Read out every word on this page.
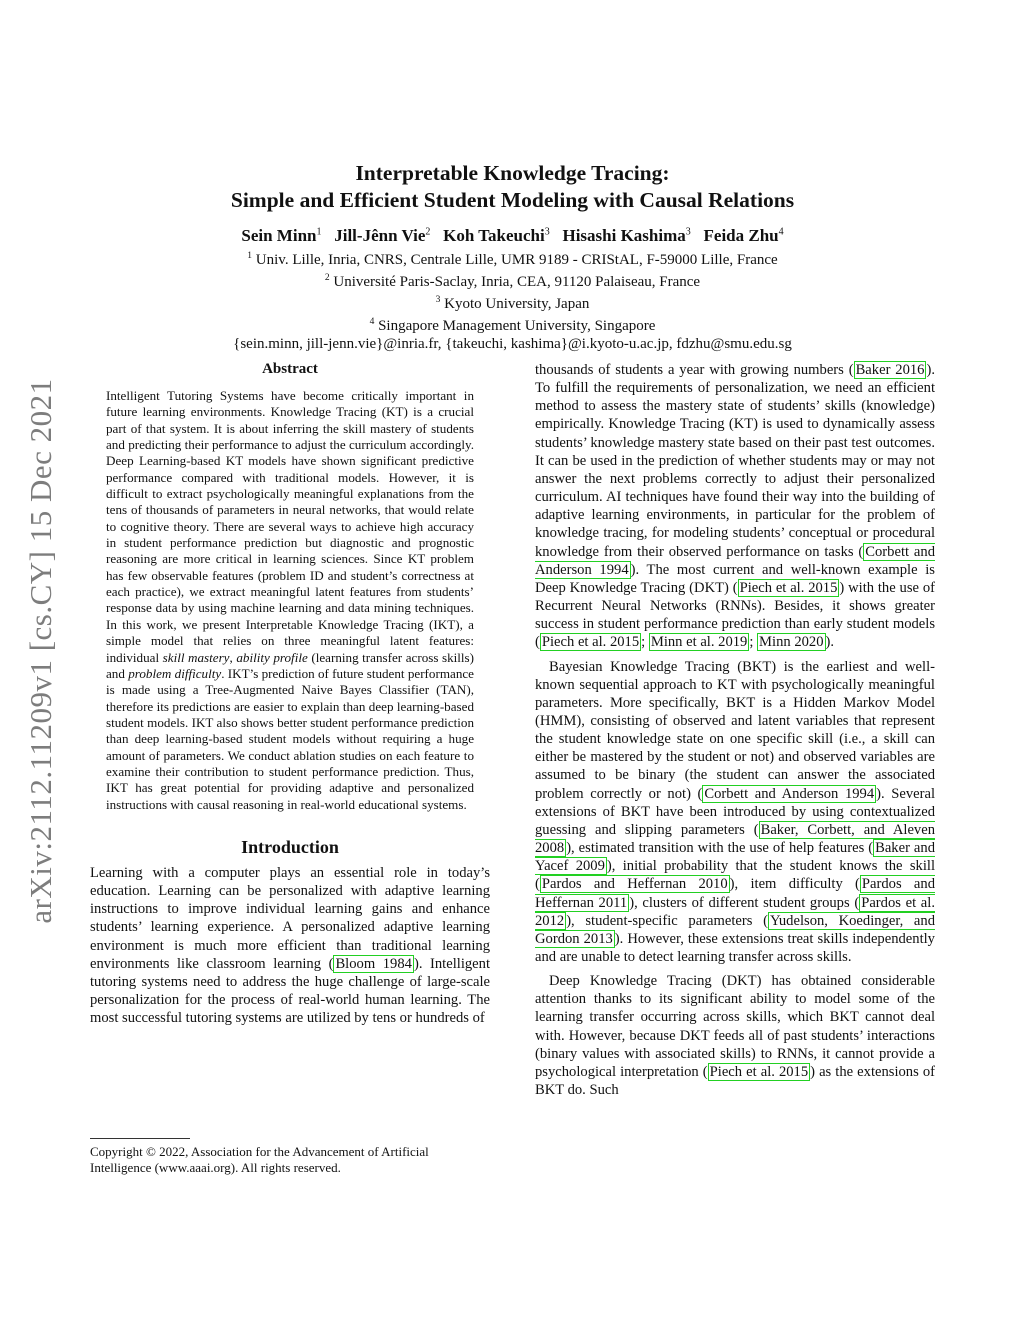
arXiv:2112.11209v1 [cs.CY] 15 Dec 2021
Interpretable Knowledge Tracing:
Simple and Efficient Student Modeling with Causal Relations
Sein Minn$^1$ Jill-Jênn Vie$^2$ Koh Takeuchi$^3$ Hisashi Kashima$^3$ Feida Zhu$^4$
$^1$ Univ. Lille, Inria, CNRS, Centrale Lille, UMR 9189 - CRIStAL, F-59000 Lille, France
$^2$ Université Paris-Saclay, Inria, CEA, 91120 Palaiseau, France
$^3$ Kyoto University, Japan
$^4$ Singapore Management University, Singapore
{sein.minn, jill-jenn.vie}@inria.fr, {takeuchi, kashima}@i.kyoto-u.ac.jp, fdzhu@smu.edu.sg
Abstract

Intelligent Tutoring Systems have become critically important in future learning environments. Knowledge Tracing (KT) is a crucial part of that system. It is about inferring the skill mastery of students and predicting their performance to adjust the curriculum accordingly. Deep Learning-based KT models have shown significant predictive performance compared with traditional models. However, it is difficult to extract psychologically meaningful explanations from the tens of thousands of parameters in neural networks, that would relate to cognitive theory. There are several ways to achieve high accuracy in student performance prediction but diagnostic and prognostic reasoning are more critical in learning sciences. Since KT problem has few observable features (problem ID and student’s correctness at each practice), we extract meaningful latent features from students’ response data by using machine learning and data mining techniques. In this work, we present Interpretable Knowledge Tracing (IKT), a simple model that relies on three meaningful latent features: individual skill mastery, ability profile (learning transfer across skills) and problem difficulty. IKT’s prediction of future student performance is made using a Tree-Augmented Naive Bayes Classifier (TAN), therefore its predictions are easier to explain than deep learning-based student models. IKT also shows better student performance prediction than deep learning-based student models without requiring a huge amount of parameters. We conduct ablation studies on each feature to examine their contribution to student performance prediction. Thus, IKT has great potential for providing adaptive and personalized instructions with causal reasoning in real-world educational systems.

Introduction

Learning with a computer plays an essential role in today’s education. Learning can be personalized with adaptive learning instructions to improve individual learning gains and enhance students’ learning experience. A personalized adaptive learning environment is much more efficient than traditional learning environments like classroom learning ( Bloom 1984 ). Intelligent tutoring systems need to address the huge challenge of large-scale personalization for the process of real-world human learning. The most successful tutoring systems are utilized by tens or hundreds of

Copyright © 2022, Association for the Advancement of Artificial Intelligence (www.aaai.org). All rights reserved.

thousands of students a year with growing numbers ( Baker 2016 ). To fulfill the requirements of personalization, we need an efficient method to assess the mastery state of students’ skills (knowledge) empirically. Knowledge Tracing (KT) is used to dynamically assess students’ knowledge mastery state based on their past test outcomes. It can be used in the prediction of whether students may or may not answer the next problems correctly to adjust their personalized curriculum. AI techniques have found their way into the building of adaptive learning environments, in particular for the problem of knowledge tracing, for modeling students’ conceptual or procedural knowledge from their observed performance on tasks ( Corbett and Anderson 1994 ). The most current and well-known example is Deep Knowledge Tracing (DKT) ( Piech et al. 2015 ) with the use of Recurrent Neural Networks (RNNs). Besides, it shows greater success in student performance prediction than early student models ( Piech et al. 2015 ; Minn et al. 2019 ; Minn 2020 ).

Bayesian Knowledge Tracing (BKT) is the earliest and well-known sequential approach to KT with psychologically meaningful parameters. More specifically, BKT is a Hidden Markov Model (HMM), consisting of observed and latent variables that represent the student knowledge state on one specific skill (i.e., a skill can either be mastered by the student or not) and observed variables are assumed to be binary (the student can answer the associated problem correctly or not) ( Corbett and Anderson 1994 ). Several extensions of BKT have been introduced by using contextualized guessing and slipping parameters ( Baker, Corbett, and Aleven 2008 ), estimated transition with the use of help features ( Baker and Yacef 2009 ), initial probability that the student knows the skill ( Pardos and Heffernan 2010 ), item difficulty ( Pardos and Heffernan 2011 ), clusters of different student groups ( Pardos et al. 2012 ), student-specific parameters ( Yudelson, Koedinger, and Gordon 2013 ). However, these extensions treat skills independently and are unable to detect learning transfer across skills.

Deep Knowledge Tracing (DKT) has obtained considerable attention thanks to its significant ability to model some of the learning transfer occurring across skills, which BKT cannot deal with. However, because DKT feeds all of past students’ interactions (binary values with associated skills) to RNNs, it cannot provide a psychological interpretation ( Piech et al. 2015 ) as the extensions of BKT do. Such
